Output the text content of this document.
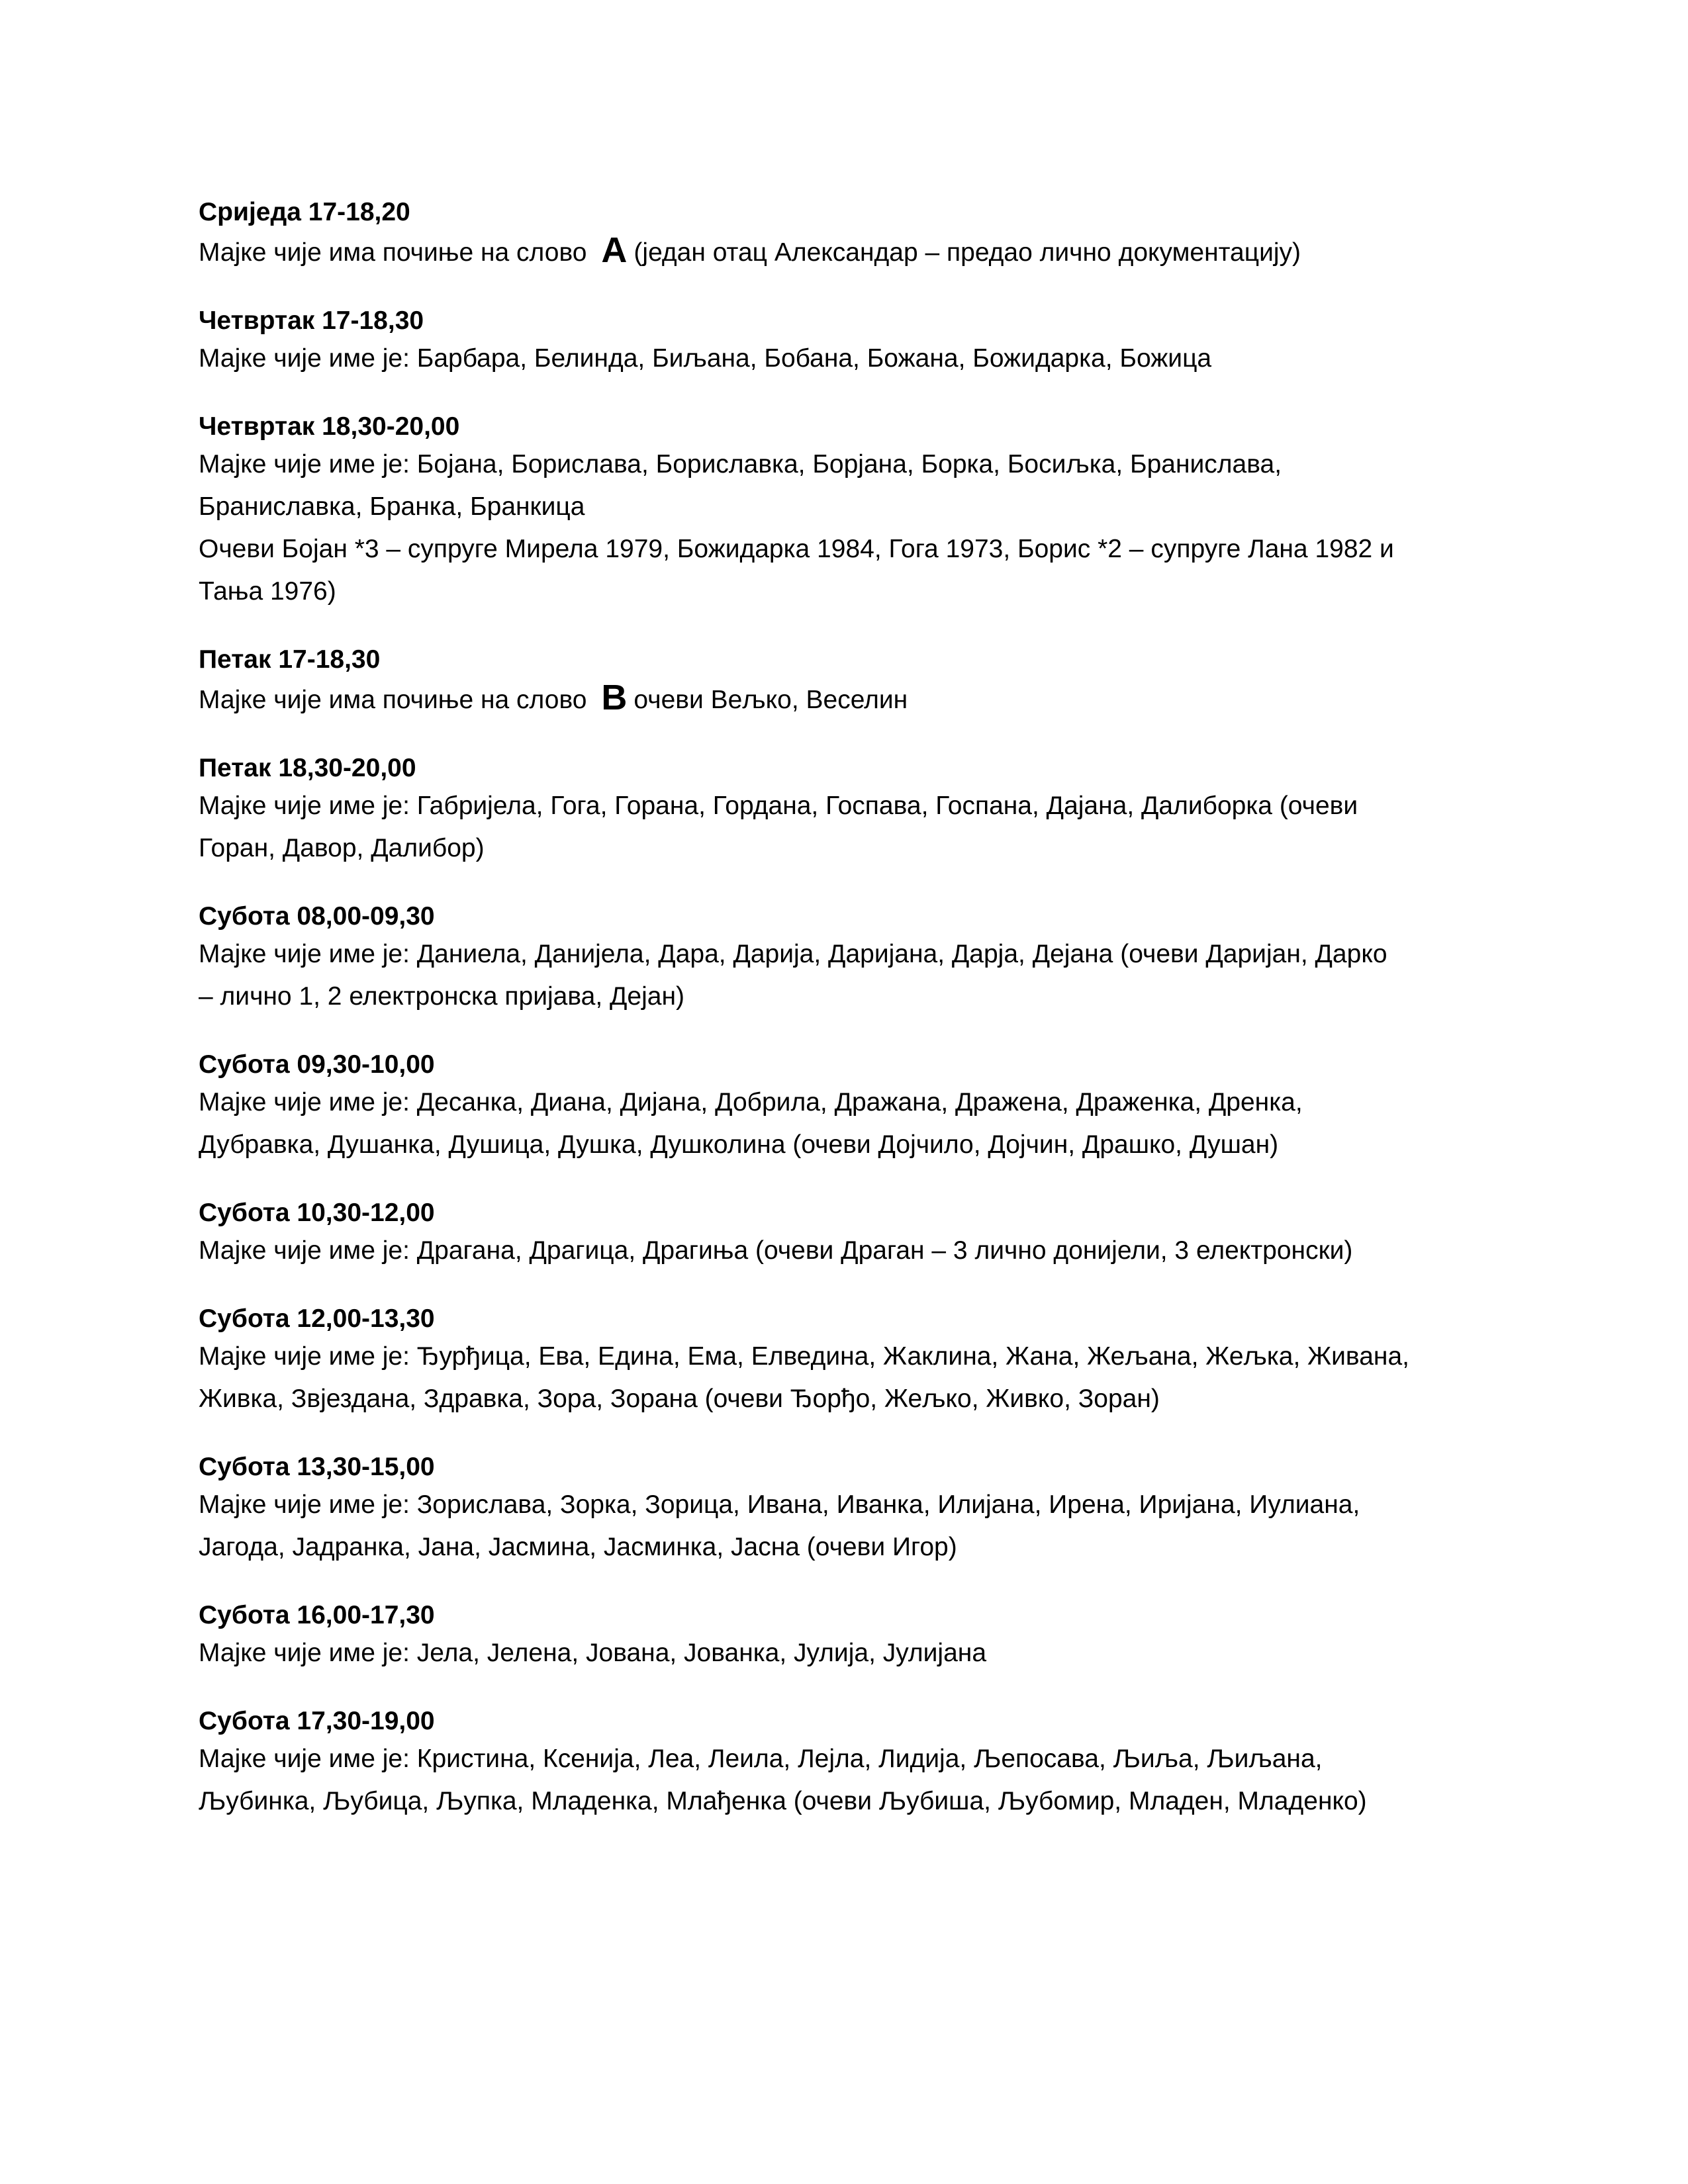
Сриједа 17-18,20

Мајке чије има почиње на слово А (један отац Александар – предао лично документацију)

Четвртак 17-18,30

Мајке чије име је: Барбара, Белинда, Биљана, Бобана, Божана, Божидарка, Божица

Четвртак 18,30-20,00

Мајке чије име је: Бојана, Борислава, Бориславка, Борјана, Борка, Босиљка, Бранислава,

Браниславка, Бранка, Бранкица

Очеви Бојан *3 – супруге Мирела 1979, Божидарка 1984, Гога 1973, Борис *2 – супруге Лана 1982 и

Тања 1976)

Петак 17-18,30

Мајке чије има почиње на слово В очеви Вељко, Веселин

Петак 18,30-20,00

Мајке чије име је: Габријела, Гога, Горана, Гордана, Госпава, Госпана, Дајана, Далиборка (очеви

Горан, Давор, Далибор)

Субота 08,00-09,30

Мајке чије име је: Даниела, Данијела, Дара, Дарија, Даријана, Дарја, Дејана (очеви Даријан, Дарко

– лично 1, 2 електронска пријава, Дејан)

Субота 09,30-10,00

Мајке чије име је: Десанка, Диана, Дијана, Добрила, Дражана, Дражена, Драженка, Дренка,

Дубравка, Душанка, Душица, Душка, Душколина (очеви Дојчило, Дојчин, Драшко, Душан)

Субота 10,30-12,00

Мајке чије име је: Драгана, Драгица, Драгиња (очеви Драган – 3 лично донијели, 3 електронски)

Субота 12,00-13,30

Мајке чије име је: Ђурђица, Ева, Едина, Ема, Елведина, Жаклина, Жана, Жељана, Жељка, Живана,

Живка, Звјездана, Здравка, Зора, Зорана (очеви Ђорђо, Жељко, Живко, Зоран)

Субота 13,30-15,00

Мајке чије име је: Зорислава, Зорка, Зорица, Ивана, Иванка, Илијана, Ирена, Иријана, Иулиана,

Јагода, Јадранка, Јана, Јасмина, Јасминка, Јасна (очеви Игор)

Субота 16,00-17,30

Мајке чије име је: Јела, Јелена, Јована, Јованка, Јулија, Јулијана

Субота 17,30-19,00

Мајке чије име је: Кристина, Ксенија, Леа, Леила, Лејла, Лидија, Љепосава, Љиља, Љиљана,

Љубинка, Љубица, Љупка, Младенка, Млађенка (очеви Љубиша, Љубомир, Младен, Младенко)
